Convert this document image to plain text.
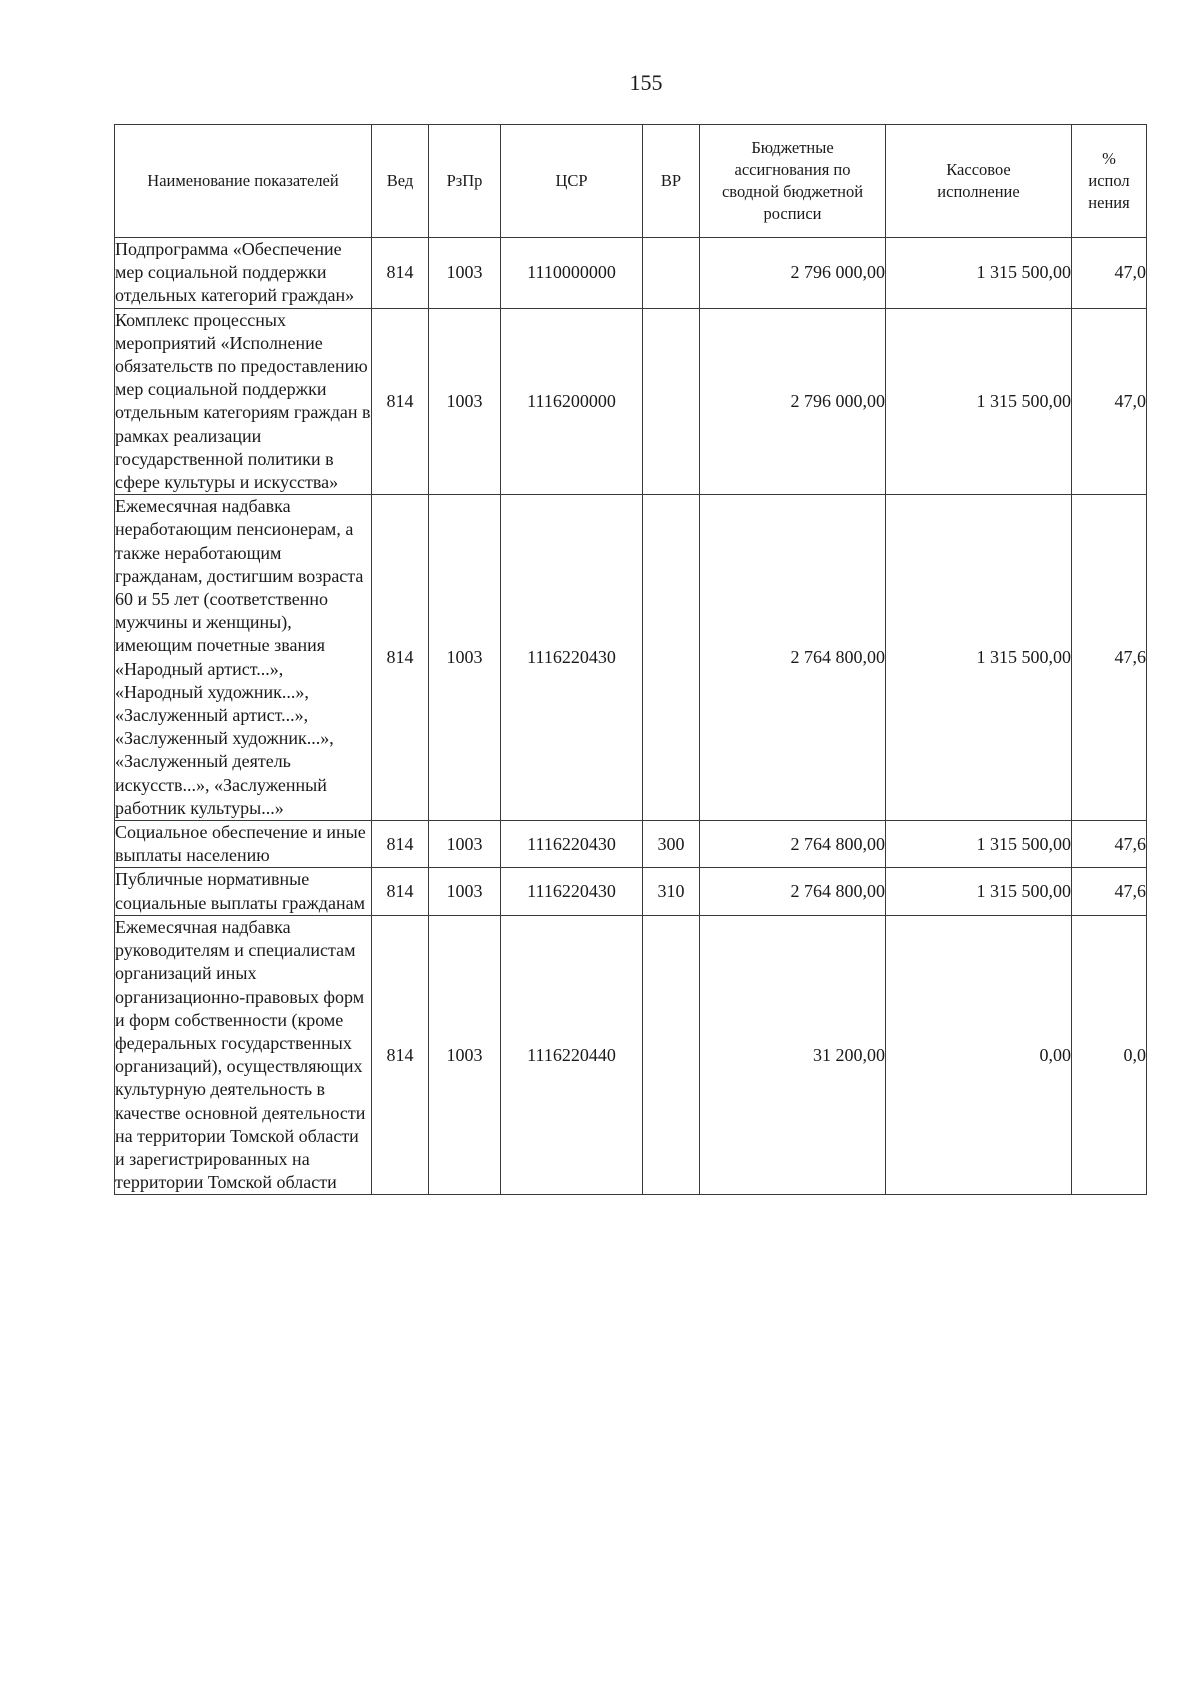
155
Наименование показателей	Вед	РзПр	ЦСР	ВР	Бюджетные ассигнования по сводной бюджетной росписи	Кассовое исполнение	% испол нения
Подпрограмма «Обеспечение мер социальной поддержки отдельных категорий граждан»	814	1003	1110000000		2 796 000,00	1 315 500,00	47,0
Комплекс процессных мероприятий «Исполнение обязательств по предоставлению мер социальной поддержки отдельным категориям граждан в рамках реализации государственной политики в сфере культуры и искусства»	814	1003	1116200000		2 796 000,00	1 315 500,00	47,0
Ежемесячная надбавка неработающим пенсионерам, а также неработающим гражданам, достигшим возраста 60 и 55 лет (соответственно мужчины и женщины), имеющим почетные звания «Народный артист...», «Народный художник...», «Заслуженный артист...», «Заслуженный художник...», «Заслуженный деятель искусств...», «Заслуженный работник культуры...»	814	1003	1116220430		2 764 800,00	1 315 500,00	47,6
Социальное обеспечение и иные выплаты населению	814	1003	1116220430	300	2 764 800,00	1 315 500,00	47,6
Публичные нормативные социальные выплаты гражданам	814	1003	1116220430	310	2 764 800,00	1 315 500,00	47,6
Ежемесячная надбавка руководителям и специалистам организаций иных организационно-правовых форм и форм собственности (кроме федеральных государственных организаций), осуществляющих культурную деятельность в качестве основной деятельности на территории Томской области и зарегистрированных на территории Томской области	814	1003	1116220440		31 200,00	0,00	0,0
